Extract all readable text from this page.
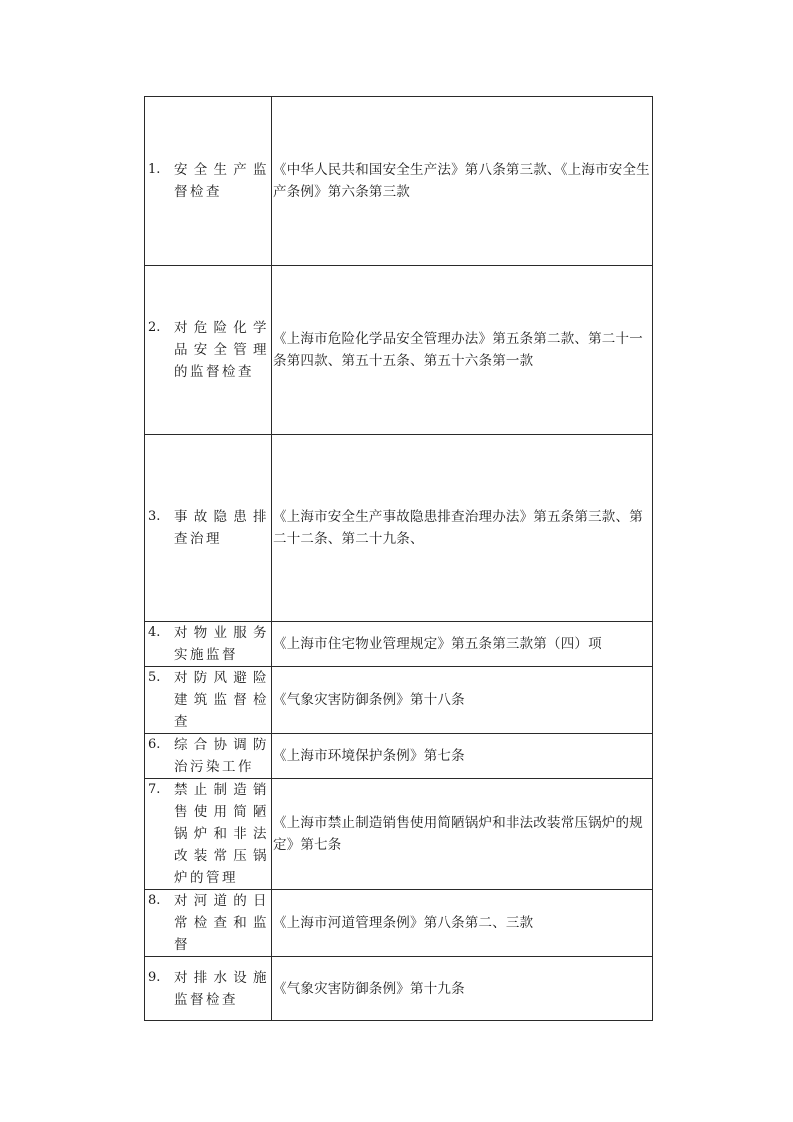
1. 安全生产监督检查	《中华人民共和国安全生产法》第八条第三款、《上海市安全生产条例》第六条第三款

2. 对危险化学品安全管理的监督检查	《上海市危险化学品安全管理办法》第五条第二款、第二十一条第四款、第五十五条、第五十六条第一款

3. 事故隐患排查治理	《上海市安全生产事故隐患排查治理办法》第五条第三款、第二十二条、第二十九条、

4. 对物业服务实施监督	《上海市住宅物业管理规定》第五条第三款第（四）项

5. 对防风避险建筑监督检查	《气象灾害防御条例》第十八条

6. 综合协调防治污染工作	《上海市环境保护条例》第七条

7. 禁止制造销售使用简陋锅炉和非法改装常压锅炉的管理	《上海市禁止制造销售使用简陋锅炉和非法改装常压锅炉的规定》第七条

8. 对河道的日常检查和监督	《上海市河道管理条例》第八条第二、三款

9. 对排水设施监督检查	《气象灾害防御条例》第十九条
